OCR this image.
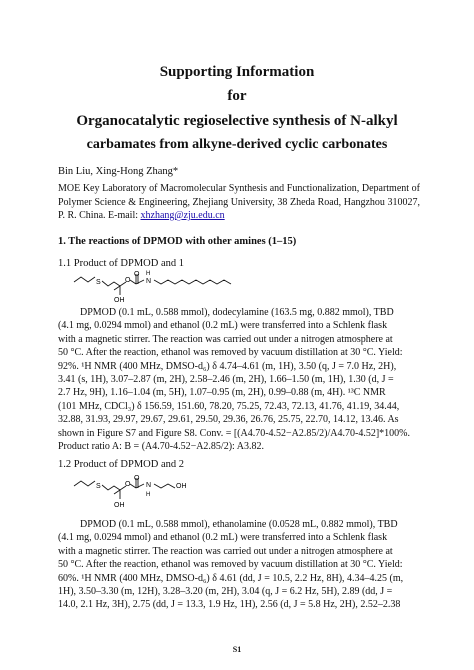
Supporting Information
for
Organocatalytic regioselective synthesis of N-alkyl
carbamates from alkyne-derived cyclic carbonates
Bin Liu, Xing-Hong Zhang*
MOE Key Laboratory of Macromolecular Synthesis and Functionalization, Department of Polymer Science & Engineering, Zhejiang University, 38 Zheda Road, Hangzhou 310027, P. R. China. E-mail: xhzhang@zju.edu.cn
1. The reactions of DPMOD with other amines (1–15)
1.1 Product of DPMOD and 1
S	O
O
N
H
OH
DPMOD (0.1 mL, 0.588 mmol), dodecylamine (163.5 mg, 0.882 mmol), TBD
(4.1 mg, 0.0294 mmol) and ethanol (0.2 mL) were transferred into a Schlenk flask
with a magnetic stirrer. The reaction was carried out under a nitrogen atmosphere at
50 °C. After the reaction, ethanol was removed by vacuum distillation at 30 °C. Yield:
92%. ¹H NMR (400 MHz, DMSO-d₆) δ 4.74–4.61 (m, 1H), 3.50 (q, J = 7.0 Hz, 2H),
3.41 (s, 1H), 3.07–2.87 (m, 2H), 2.58–2.46 (m, 2H), 1.66–1.50 (m, 1H), 1.30 (d, J =
2.7 Hz, 9H), 1.16–1.04 (m, 5H), 1.07–0.95 (m, 2H), 0.99–0.88 (m, 4H). ¹³C NMR
(101 MHz, CDCl₃) δ 156.59, 151.60, 78.20, 75.25, 72.43, 72.13, 41.76, 41.19, 34.44,
32.88, 31.93, 29.97, 29.67, 29.61, 29.50, 29.36, 26.76, 25.75, 22.70, 14.12, 13.46. As
shown in Figure S7 and Figure S8. Conv. = [(A4.70-4.52−A2.85/2)/A4.70-4.52]*100%.
Product ratio A: B = (A4.70-4.52−A2.85/2): A3.82.
1.2 Product of DPMOD and 2
S	O
O
N
H
OH
OH
DPMOD (0.1 mL, 0.588 mmol), ethanolamine (0.0528 mL, 0.882 mmol), TBD
(4.1 mg, 0.0294 mmol) and ethanol (0.2 mL) were transferred into a Schlenk flask
with a magnetic stirrer. The reaction was carried out under a nitrogen atmosphere at
50 °C. After the reaction, ethanol was removed by vacuum distillation at 30 °C. Yield:
60%. ¹H NMR (400 MHz, DMSO-d₆) δ 4.61 (dd, J = 10.5, 2.2 Hz, 8H), 4.34–4.25 (m,
1H), 3.50–3.30 (m, 12H), 3.28–3.20 (m, 2H), 3.04 (q, J = 6.2 Hz, 5H), 2.89 (dd, J =
14.0, 2.1 Hz, 3H), 2.75 (dd, J = 13.3, 1.9 Hz, 1H), 2.56 (d, J = 5.8 Hz, 2H), 2.52–2.38
S1
